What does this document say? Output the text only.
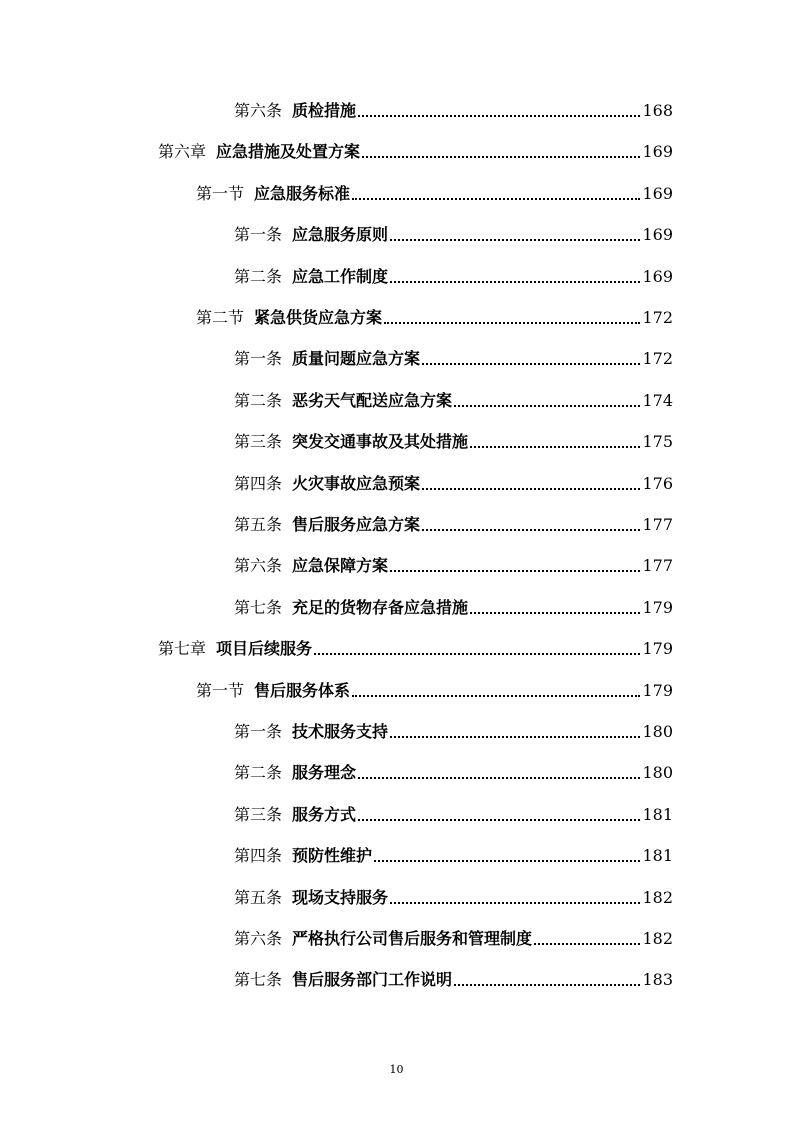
第六条 质检措施	168
第六章 应急措施及处置方案	169
第一节 应急服务标准	169
第一条 应急服务原则	169
第二条 应急工作制度	169
第二节 紧急供货应急方案	172
第一条 质量问题应急方案	172
第二条 恶劣天气配送应急方案	174
第三条 突发交通事故及其处措施	175
第四条 火灾事故应急预案	176
第五条 售后服务应急方案	177
第六条 应急保障方案	177
第七条 充足的货物存备应急措施	179
第七章 项目后续服务	179
第一节 售后服务体系	179
第一条 技术服务支持	180
第二条 服务理念	180
第三条 服务方式	181
第四条 预防性维护	181
第五条 现场支持服务	182
第六条 严格执行公司售后服务和管理制度	182
第七条 售后服务部门工作说明	183
10
